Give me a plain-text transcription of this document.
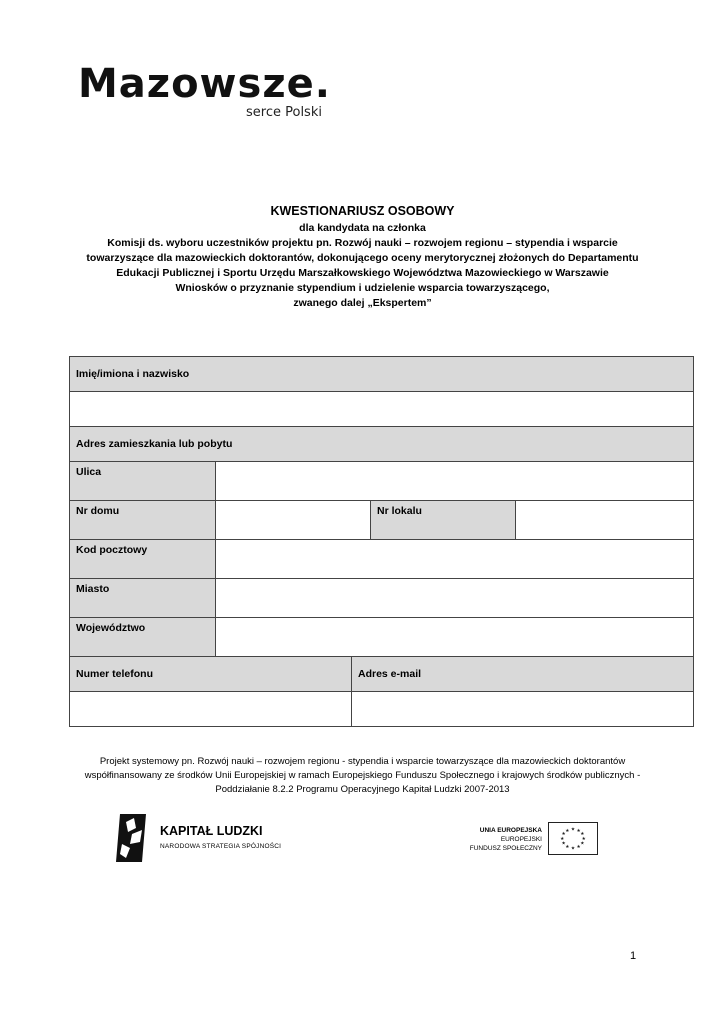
Mazowsze.
serce Polski
KWESTIONARIUSZ OSOBOWY
dla kandydata na członka
Komisji ds. wyboru uczestników projektu pn. Rozwój nauki – rozwojem regionu – stypendia i wsparcie
towarzyszące dla mazowieckich doktorantów, dokonującego oceny merytorycznej złożonych do Departamentu
Edukacji Publicznej i Sportu Urzędu Marszałkowskiego Województwa Mazowieckiego w Warszawie
Wniosków o przyznanie stypendium i udzielenie wsparcia towarzyszącego,
zwanego dalej „Ekspertem”
Imię/imiona i nazwisko				

Adres zamieszkania lub pobytu				
Ulica				
Nr domu			Nr lokalu	
Kod pocztowy				
Miasto				
Województwo				
Numer telefonu		Adres e-mail		

Projekt systemowy pn. Rozwój nauki – rozwojem regionu - stypendia i wsparcie towarzyszące dla mazowieckich doktorantów
współfinansowany ze środków Unii Europejskiej w ramach Europejskiego Funduszu Społecznego i krajowych środków publicznych -
Poddziałanie 8.2.2 Programu Operacyjnego Kapitał Ludzki 2007-2013
KAPITAŁ LUDZKI
NARODOWA STRATEGIA SPÓJNOŚCI
UNIA EUROPEJSKA
EUROPEJSKI
FUNDUSZ SPOŁECZNY
★ ★
★
★
★
★
★
★
★
★
★
★
1
